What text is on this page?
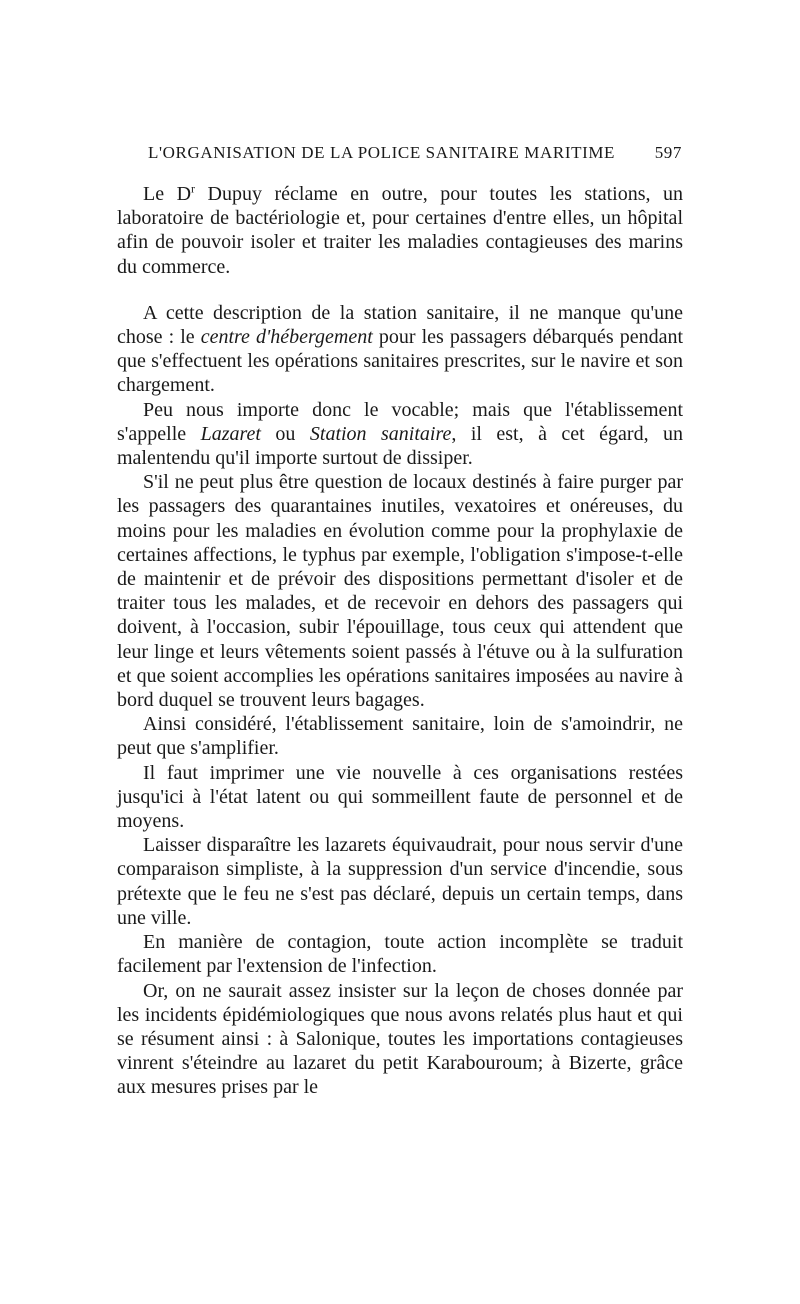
L'ORGANISATION DE LA POLICE SANITAIRE MARITIME 597

Le $D^r$ Dupuy réclame en outre, pour toutes les stations, un laboratoire de bactériologie et, pour certaines d'entre elles, un hôpital afin de pouvoir isoler et traiter les maladies contagieuses des marins du commerce.

A cette description de la station sanitaire, il ne manque qu'une chose : le centre d'hébergement pour les passagers débarqués pendant que s'effectuent les opérations sanitaires prescrites, sur le navire et son chargement.

Peu nous importe donc le vocable; mais que l'établissement s'appelle Lazaret ou Station sanitaire, il est, à cet égard, un malentendu qu'il importe surtout de dissiper.

S'il ne peut plus être question de locaux destinés à faire purger par les passagers des quarantaines inutiles, vexatoires et onéreuses, du moins pour les maladies en évolution comme pour la prophylaxie de certaines affections, le typhus par exemple, l'obligation s'impose-t-elle de maintenir et de prévoir des dispositions permettant d'isoler et de traiter tous les malades, et de recevoir en dehors des passagers qui doivent, à l'occasion, subir l'épouillage, tous ceux qui attendent que leur linge et leurs vêtements soient passés à l'étuve ou à la sulfuration et que soient accomplies les opérations sanitaires imposées au navire à bord duquel se trouvent leurs bagages.

Ainsi considéré, l'établissement sanitaire, loin de s'amoindrir, ne peut que s'amplifier.

Il faut imprimer une vie nouvelle à ces organisations restées jusqu'ici à l'état latent ou qui sommeillent faute de personnel et de moyens.

Laisser disparaître les lazarets équivaudrait, pour nous servir d'une comparaison simpliste, à la suppression d'un service d'incendie, sous prétexte que le feu ne s'est pas déclaré, depuis un certain temps, dans une ville.

En manière de contagion, toute action incomplète se traduit facilement par l'extension de l'infection.

Or, on ne saurait assez insister sur la leçon de choses donnée par les incidents épidémiologiques que nous avons relatés plus haut et qui se résument ainsi : à Salonique, toutes les importations contagieuses vinrent s'éteindre au lazaret du petit Karabouroum; à Bizerte, grâce aux mesures prises par le
